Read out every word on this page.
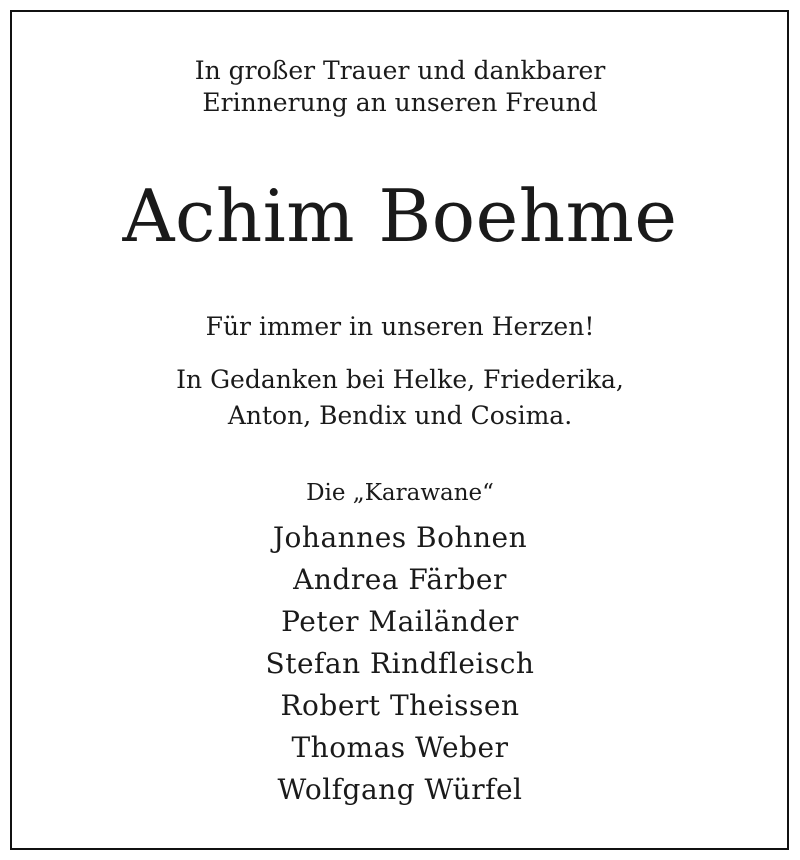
In großer Trauer und dankbarer
Erinnerung an unseren Freund
Achim Boehme
Für immer in unseren Herzen!
In Gedanken bei Helke, Friederika,
Anton, Bendix und Cosima.
Die „Karawane“
Johannes Bohnen
Andrea Färber
Peter Mailänder
Stefan Rindfleisch
Robert Theissen
Thomas Weber
Wolfgang Würfel
